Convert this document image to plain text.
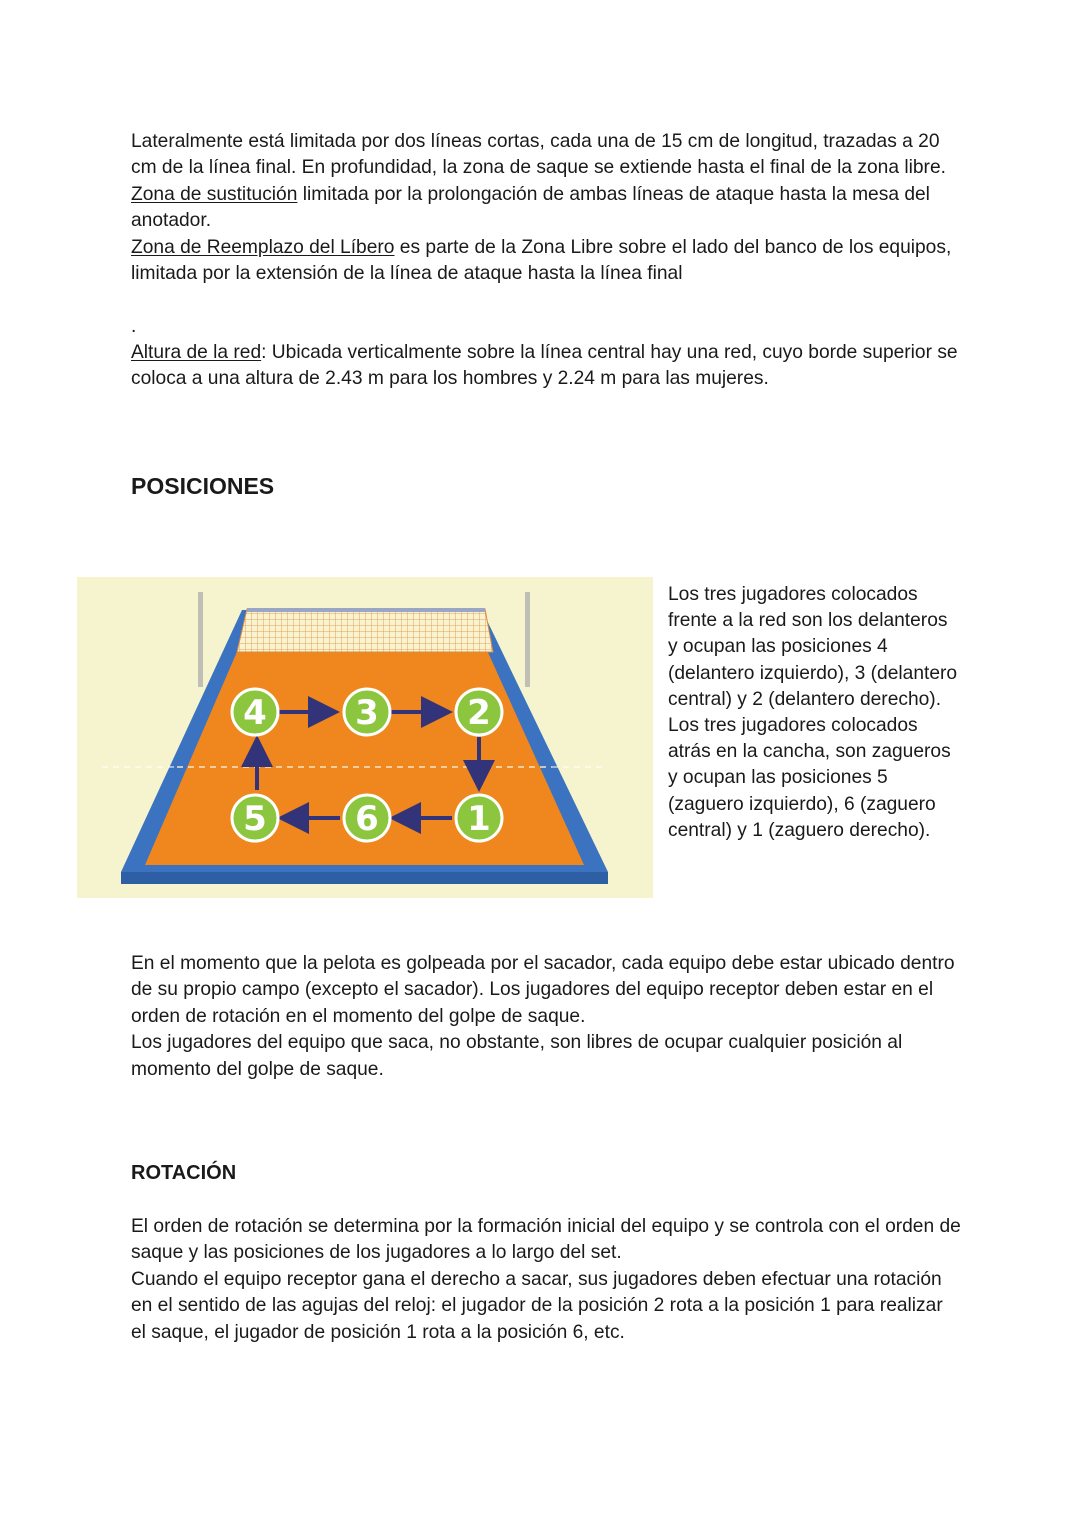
Lateralmente está limitada por dos líneas cortas, cada una de 15 cm de longitud, trazadas a 20 cm de la línea final. En profundidad, la zona de saque se extiende hasta el final de la zona libre.

Zona de sustitución limitada por la prolongación de ambas líneas de ataque hasta la mesa del anotador.

Zona de Reemplazo del Líbero es parte de la Zona Libre sobre el lado del banco de los equipos, limitada por la extensión de la línea de ataque hasta la línea final

.

Altura de la red: Ubicada verticalmente sobre la línea central hay una red, cuyo borde superior se coloca a una altura de 2.43 m para los hombres y 2.24 m para las mujeres.

POSICIONES
4	3	2
5	6	1

Los tres jugadores colocados frente a la red son los delanteros y ocupan las posiciones 4 (delantero izquierdo), 3 (delantero central) y 2 (delantero derecho).

Los tres jugadores colocados atrás en la cancha, son zagueros y ocupan las posiciones 5 (zaguero izquierdo), 6 (zaguero central) y 1 (zaguero derecho).

En el momento que la pelota es golpeada por el sacador, cada equipo debe estar ubicado dentro de su propio campo (excepto el sacador). Los jugadores del equipo receptor deben estar en el orden de rotación en el momento del golpe de saque.

Los jugadores del equipo que saca, no obstante, son libres de ocupar cualquier posición al momento del golpe de saque.

ROTACIÓN

El orden de rotación se determina por la formación inicial del equipo y se controla con el orden de saque y las posiciones de los jugadores a lo largo del set.

Cuando el equipo receptor gana el derecho a sacar, sus jugadores deben efectuar una rotación en el sentido de las agujas del reloj: el jugador de la posición 2 rota a la posición 1 para realizar el saque, el jugador de posición 1 rota a la posición 6, etc.
